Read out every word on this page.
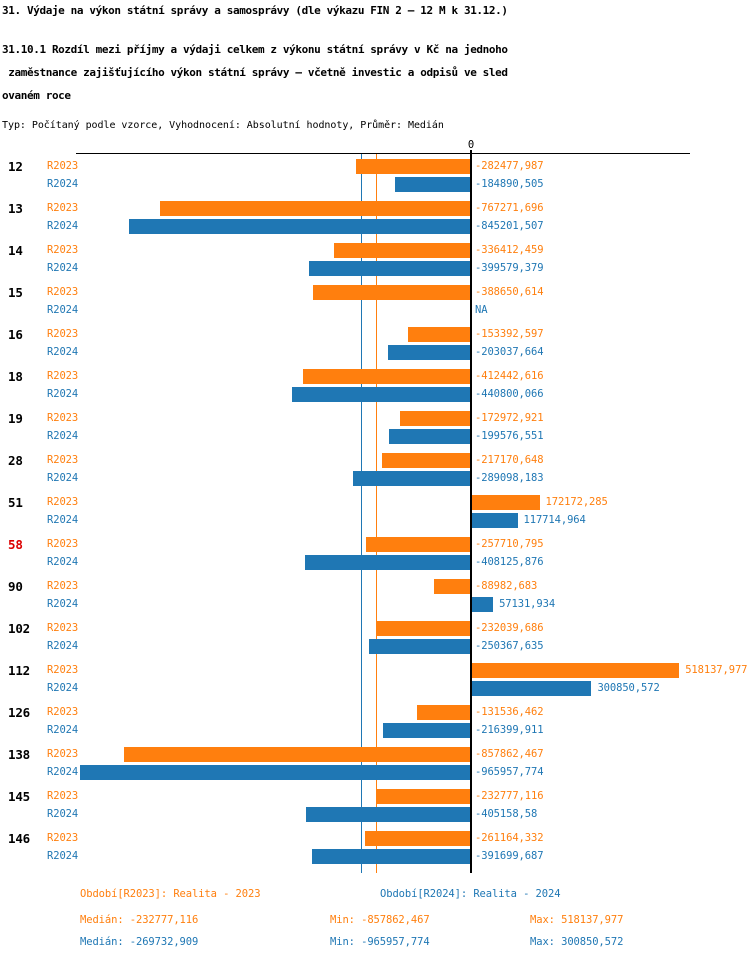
31. Výdaje na výkon státní správy a samosprávy (dle výkazu FIN 2 – 12 M k 31.12.)
31.10.1 Rozdíl mezi příjmy a výdaji celkem z výkonu státní správy v Kč na jednoho
zaměstnance zajišťujícího výkon státní správy – včetně investic a odpisů ve sled
ovaném roce
Typ: Počítaný podle vzorce, Vyhodnocení: Absolutní hodnoty, Průměr: Medián
0
12 R2023	-282477,987
R2024	-184890,505
13 R2023	-767271,696
R2024	-845201,507
14 R2023	-336412,459
R2024	-399579,379
15 R2023	-388650,614
R2024	NA
16 R2023	-153392,597
R2024	-203037,664
18 R2023	-412442,616
R2024	-440800,066
19 R2023	-172972,921
R2024	-199576,551
28 R2023	-217170,648
R2024	-289098,183
51 R2023	172172,285
R2024	117714,964
58 R2023	-257710,795
R2024	-408125,876
90 R2023	-88982,683
R2024	57131,934
102 R2023	-232039,686
R2024	-250367,635
112 R2023	518137,977
R2024	300850,572
126 R2023	-131536,462
R2024	-216399,911
138 R2023	-857862,467
R2024	-965957,774
145 R2023	-232777,116
R2024	-405158,58
146 R2023	-261164,332
R2024	-391699,687
Období[R2023]: Realita - 2023	Období[R2024]: Realita - 2024
Medián: -232777,116	Min: -857862,467	Max: 518137,977
Medián: -269732,909	Min: -965957,774	Max: 300850,572
